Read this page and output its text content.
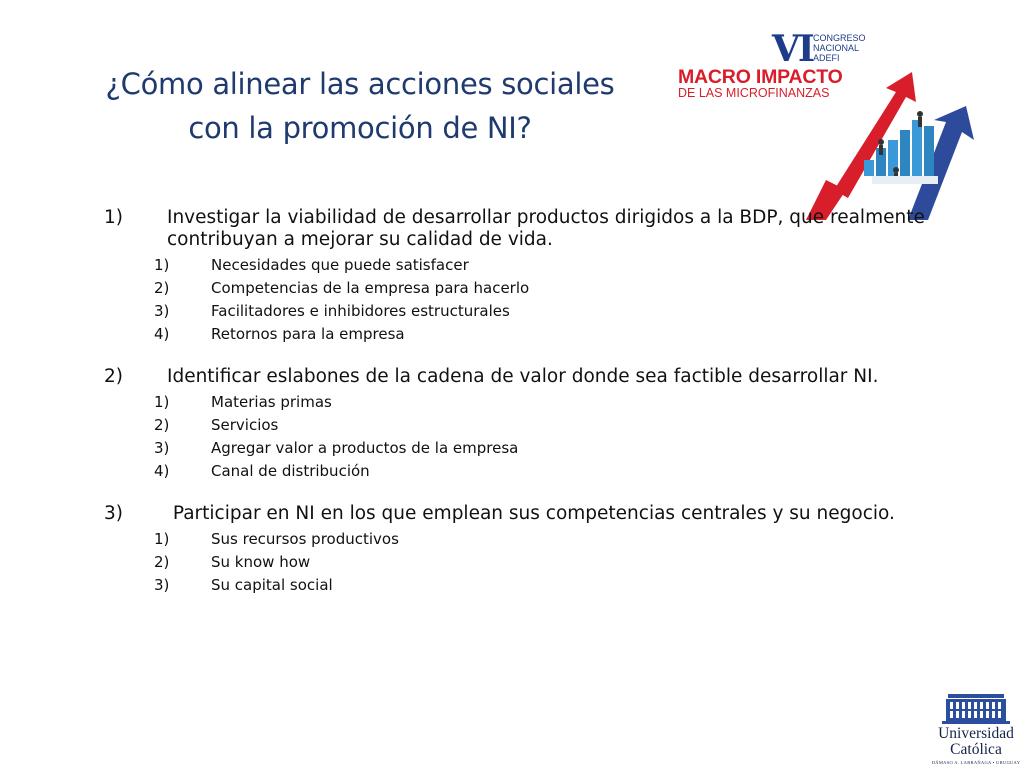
¿Cómo alinear las acciones sociales
con la promoción de NI?
VI CONGRESO
NACIONAL
ADEFI
MACRO IMPACTO
DE LAS MICROFINANZAS
1)	Investigar la viabilidad de desarrollar productos dirigidos a la BDP, que realmente contribuyan a mejorar su calidad de vida.
1)	Necesidades que puede satisfacer
2)	Competencias de la empresa para hacerlo
3)	Facilitadores e inhibidores estructurales
4)	Retornos para la empresa
2)	Identificar eslabones de la cadena de valor donde sea factible desarrollar NI.
1)	Materias primas
2)	Servicios
3)	Agregar valor a productos de la empresa
4)	Canal de distribución
3)	Participar en NI en los que emplean sus competencias centrales y su negocio.
1)	Sus recursos productivos
2)	Su know how
3)	Su capital social
Universidad
Católica
DÁMASO A. LARRAÑAGA • URUGUAY
